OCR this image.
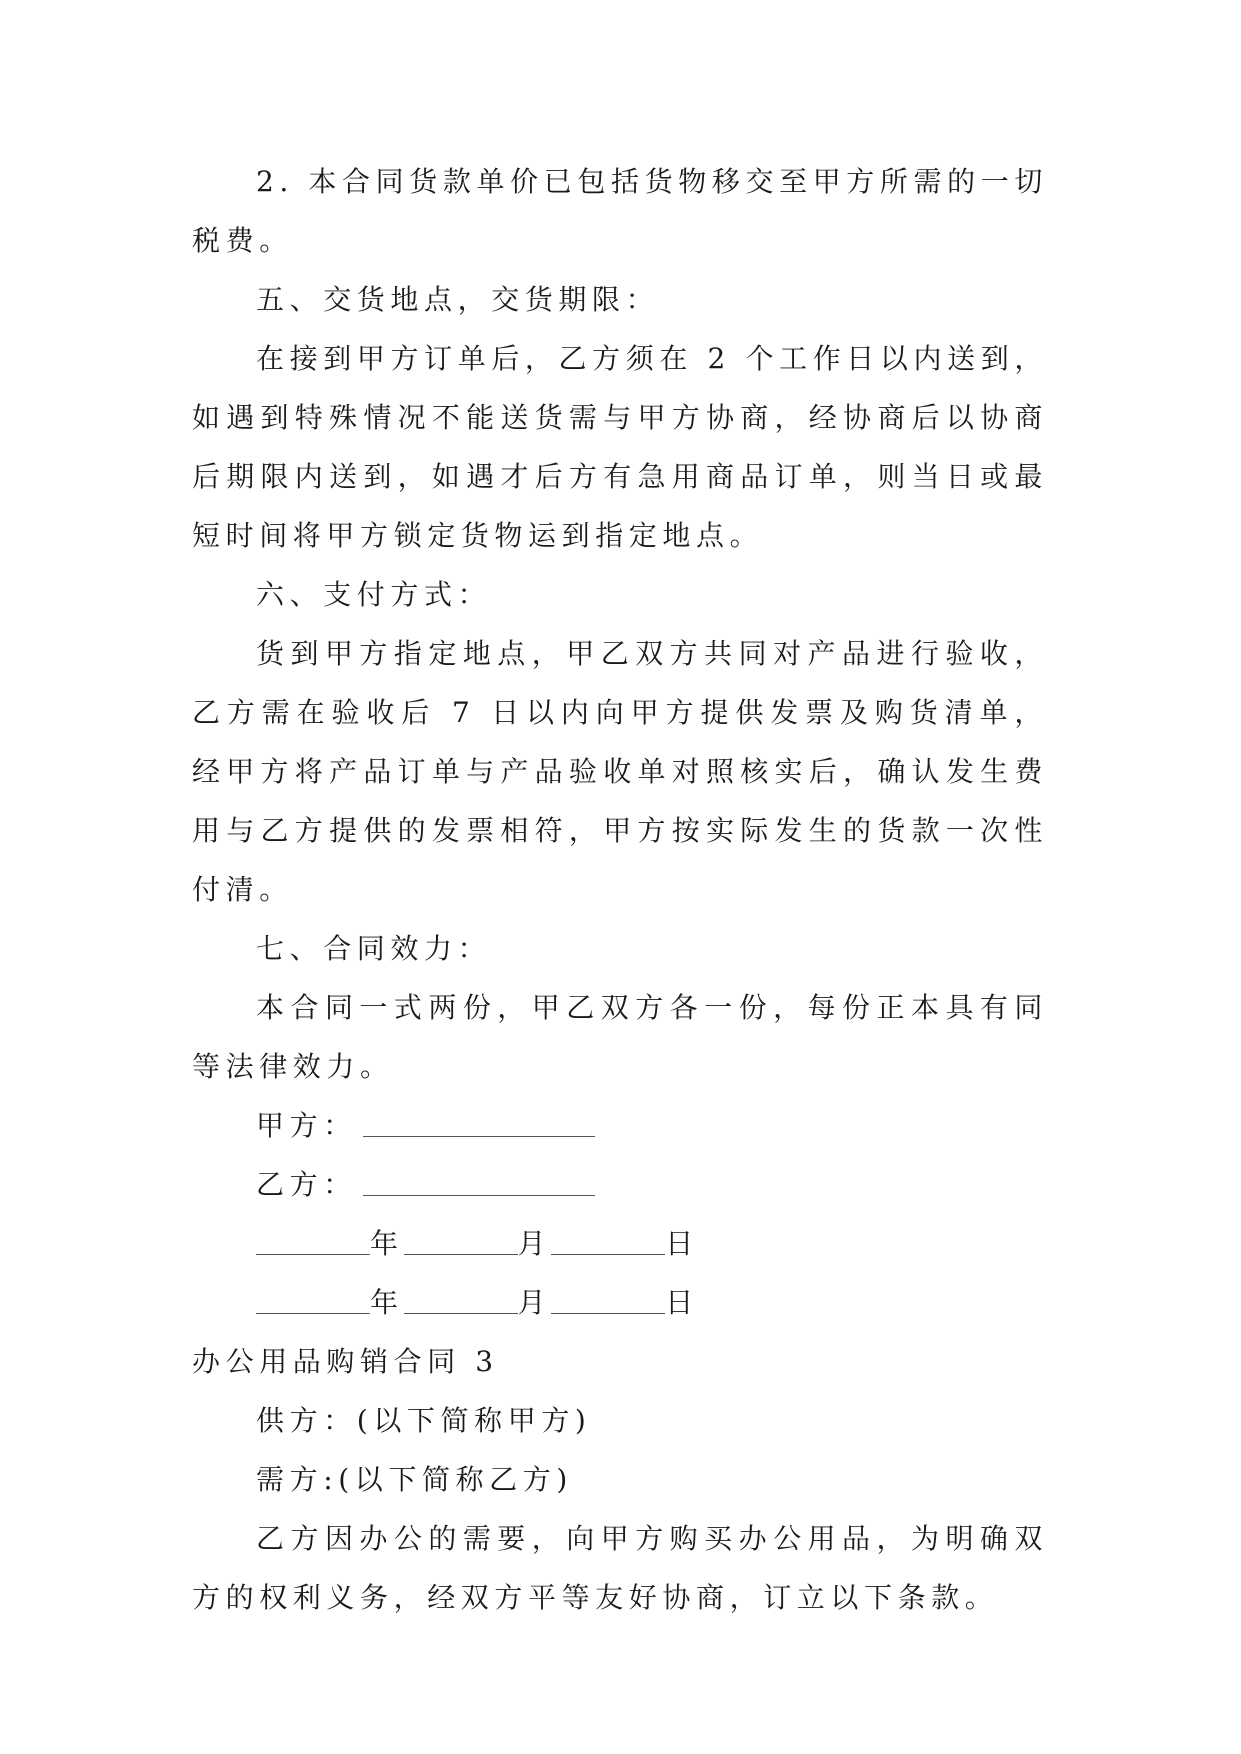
2. 本合同货款单价已包括货物移交至甲方所需的一切税费。

五、交货地点，交货期限：

在接到甲方订单后，乙方须在 2 个工作日以内送到，如遇到特殊情况不能送货需与甲方协商，经协商后以协商后期限内送到，如遇才后方有急用商品订单，则当日或最短时间将甲方锁定货物运到指定地点。

六、支付方式：

货到甲方指定地点，甲乙双方共同对产品进行验收，乙方需在验收后 7 日以内向甲方提供发票及购货清单，经甲方将产品订单与产品验收单对照核实后，确认发生费用与乙方提供的发票相符，甲方按实际发生的货款一次性付清。

七、合同效力：

本合同一式两份，甲乙双方各一份，每份正本具有同等法律效力。

甲方：

乙方：

年	月	日

年	月	日

办公用品购销合同 3

供方：(以下简称甲方)

需方:(以下简称乙方)

乙方因办公的需要，向甲方购买办公用品，为明确双方的权利义务，经双方平等友好协商，订立以下条款。
